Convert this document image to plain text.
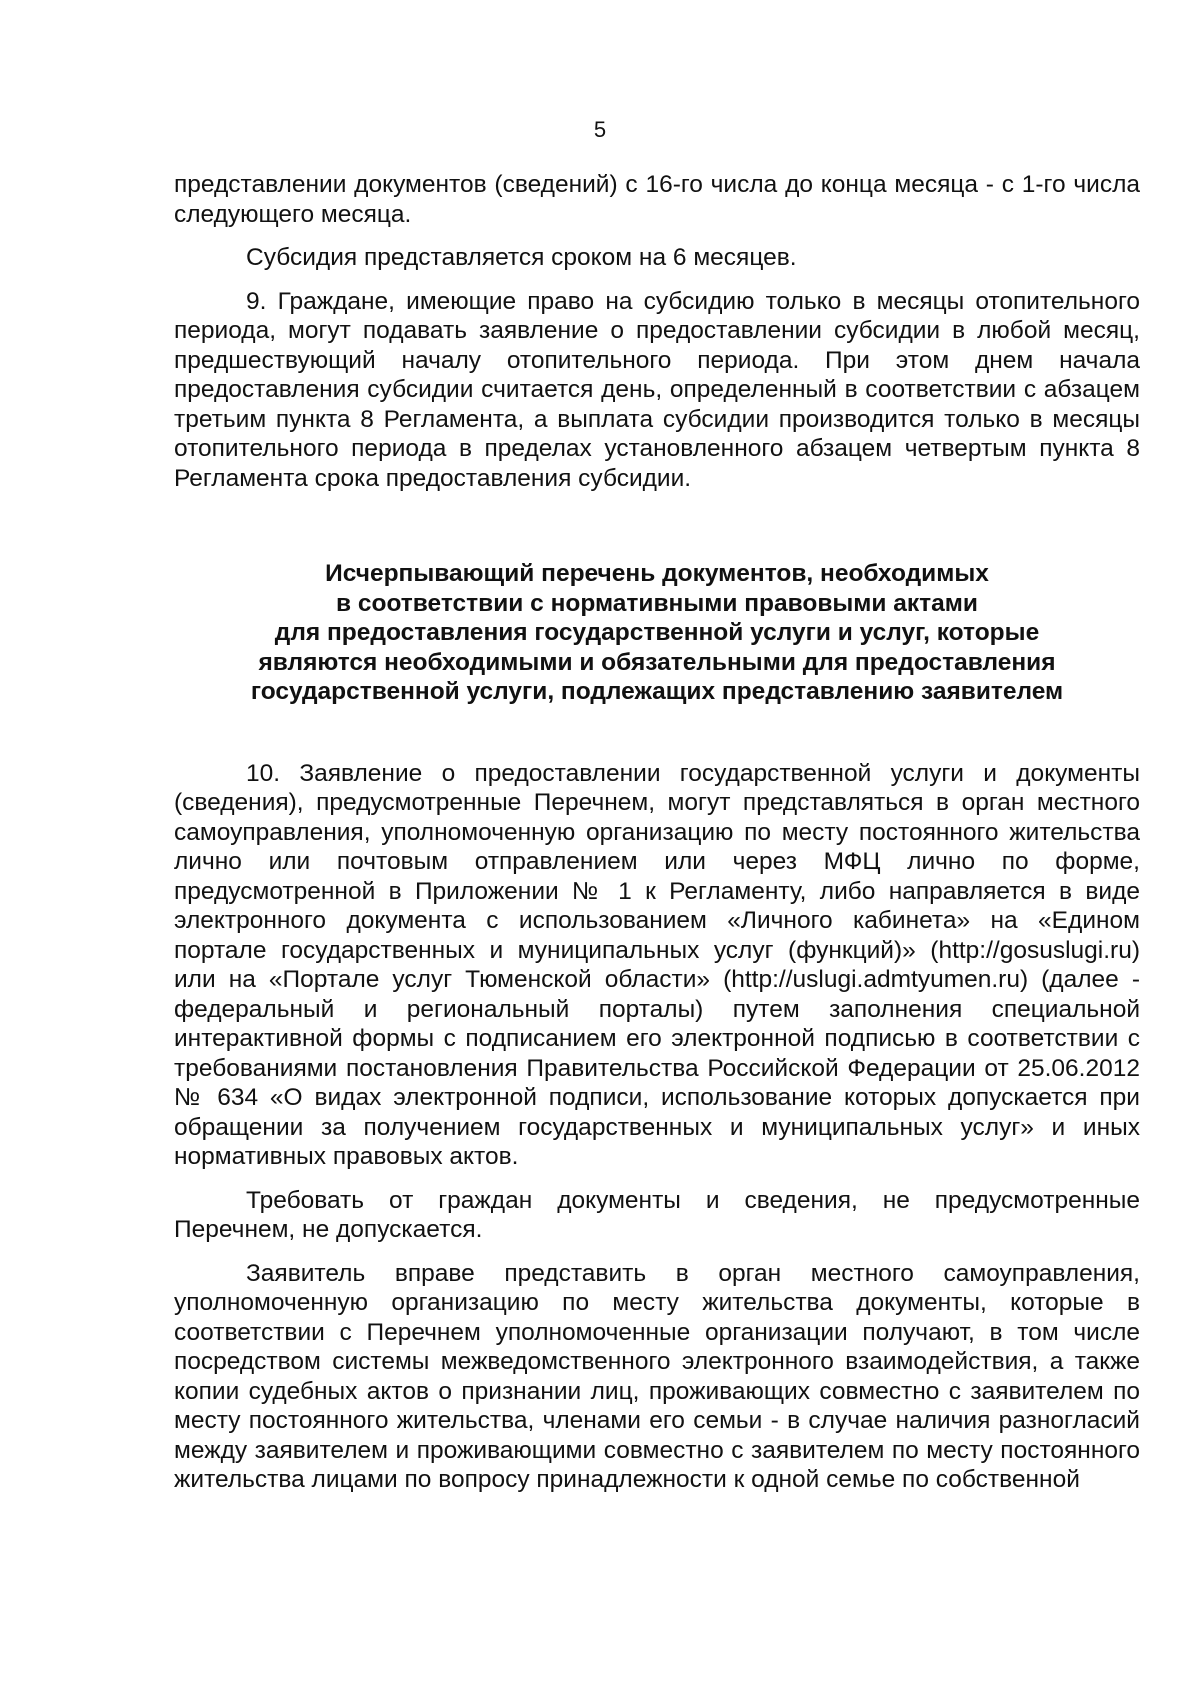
5

представлении документов (сведений) с 16-го числа до конца месяца - с 1-го числа следующего месяца.

Субсидия представляется сроком на 6 месяцев.

9. Граждане, имеющие право на субсидию только в месяцы отопительного периода, могут подавать заявление о предоставлении субсидии в любой месяц, предшествующий началу отопительного периода. При этом днем начала предоставления субсидии считается день, определенный в соответствии с абзацем третьим пункта 8 Регламента, а выплата субсидии производится только в месяцы отопительного периода в пределах установленного абзацем четвертым пункта 8 Регламента срока предоставления субсидии.

Исчерпывающий перечень документов, необходимых
в соответствии с нормативными правовыми актами
для предоставления государственной услуги и услуг, которые
являются необходимыми и обязательными для предоставления
государственной услуги, подлежащих представлению заявителем

10. Заявление о предоставлении государственной услуги и документы (сведения), предусмотренные Перечнем, могут представляться в орган местного самоуправления, уполномоченную организацию по месту постоянного жительства лично или почтовым отправлением или через МФЦ лично по форме, предусмотренной в Приложении № 1 к Регламенту, либо направляется в виде электронного документа с использованием «Личного кабинета» на «Едином портале государственных и муниципальных услуг (функций)» (http://gosuslugi.ru) или на «Портале услуг Тюменской области» (http://uslugi.admtyumen.ru) (далее - федеральный и региональный порталы) путем заполнения специальной интерактивной формы с подписанием его электронной подписью в соответствии с требованиями постановления Правительства Российской Федерации от 25.06.2012 № 634 «О видах электронной подписи, использование которых допускается при обращении за получением государственных и муниципальных услуг» и иных нормативных правовых актов.

Требовать от граждан документы и сведения, не предусмотренные Перечнем, не допускается.

Заявитель вправе представить в орган местного самоуправления, уполномоченную организацию по месту жительства документы, которые в соответствии с Перечнем уполномоченные организации получают, в том числе посредством системы межведомственного электронного взаимодействия, а также копии судебных актов о признании лиц, проживающих совместно с заявителем по месту постоянного жительства, членами его семьи - в случае наличия разногласий между заявителем и проживающими совместно с заявителем по месту постоянного жительства лицами по вопросу принадлежности к одной семье по собственной
